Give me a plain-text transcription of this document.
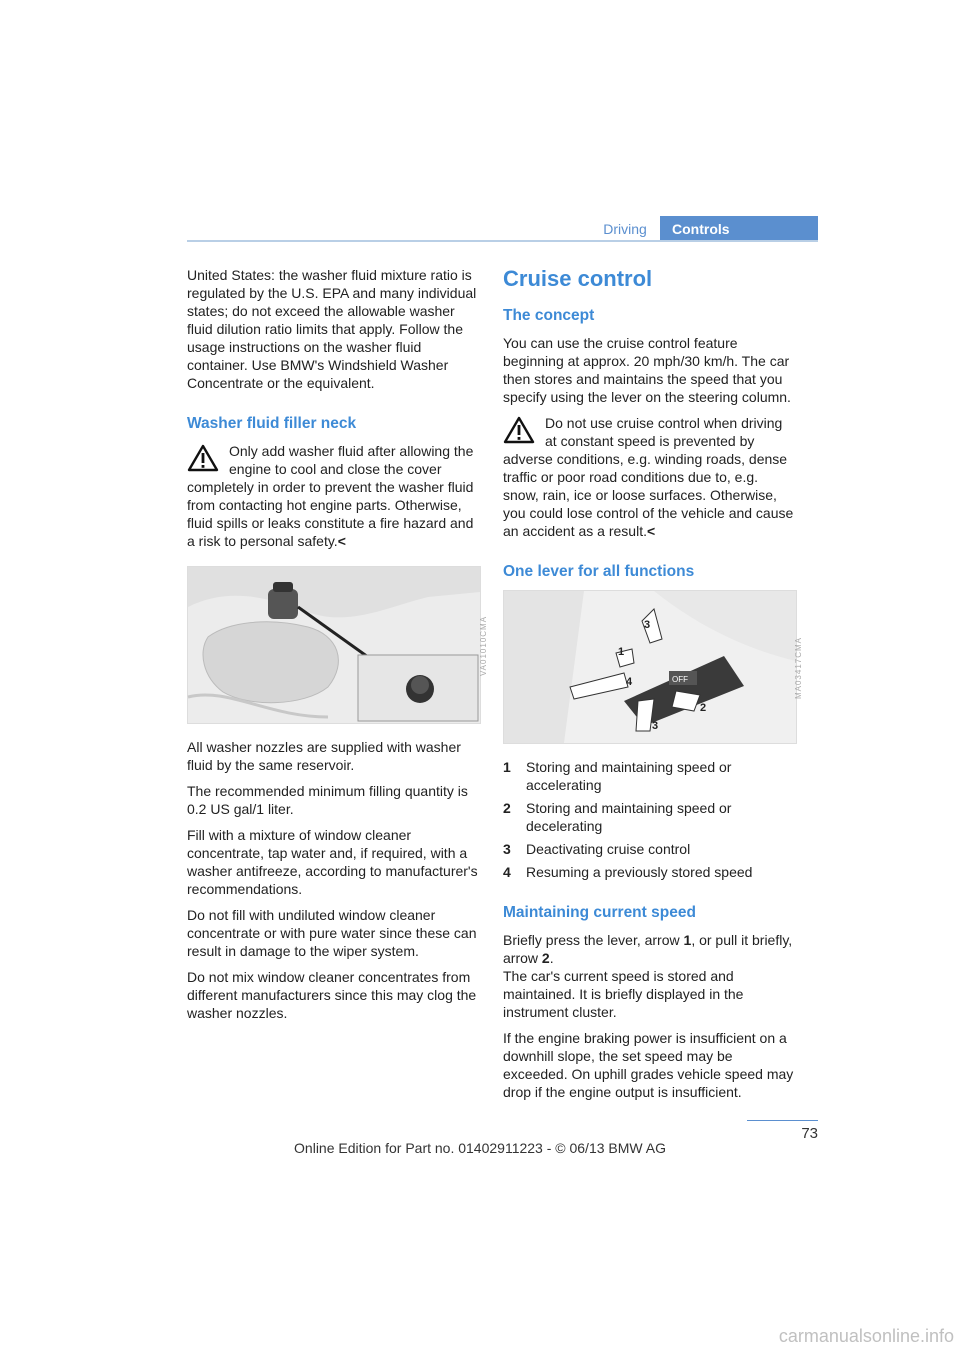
Driving	Controls

United States: the washer fluid mixture ratio is regulated by the U.S. EPA and many individual states; do not exceed the allowable washer fluid dilution ratio limits that apply. Follow the usage instructions on the washer fluid container. Use BMW's Windshield Washer Concentrate or the equivalent.

Washer fluid filler neck
Only add washer fluid after allowing the engine to cool and close the cover completely in order to prevent the washer fluid from contacting hot engine parts. Otherwise, fluid spills or leaks constitute a fire hazard and a risk to personal safety.<
VA01010CMA

All washer nozzles are supplied with washer fluid by the same reservoir.

The recommended minimum filling quantity is 0.2 US gal/1 liter.

Fill with a mixture of window cleaner concentrate, tap water and, if required, with a washer antifreeze, according to manufacturer's recommendations.

Do not fill with undiluted window cleaner concentrate or with pure water since these can result in damage to the wiper system.

Do not mix window cleaner concentrates from different manufacturers since this may clog the washer nozzles.

Cruise control
The concept

You can use the cruise control feature beginning at approx. 20 mph/30 km/h. The car then stores and maintains the speed that you specify using the lever on the steering column.

Do not use cruise control when driving at constant speed is prevented by adverse conditions, e.g. winding roads, dense traffic or poor road conditions due to, e.g. snow, rain, ice or loose surfaces. Otherwise, you could lose control of the vehicle and cause an accident as a result.<
One lever for all functions
OFF
3
1
4
2
3
MA03417CMA
1	Storing and maintaining speed or accelerating
2	Storing and maintaining speed or decelerating
3	Deactivating cruise control
4	Resuming a previously stored speed
Maintaining current speed

Briefly press the lever, arrow 1, or pull it briefly, arrow 2.

The car's current speed is stored and maintained. It is briefly displayed in the instrument cluster.

If the engine braking power is insufficient on a downhill slope, the set speed may be exceeded. On uphill grades vehicle speed may drop if the engine output is insufficient.

73
Online Edition for Part no. 01402911223 - © 06/13 BMW AG
carmanualsonline.info
